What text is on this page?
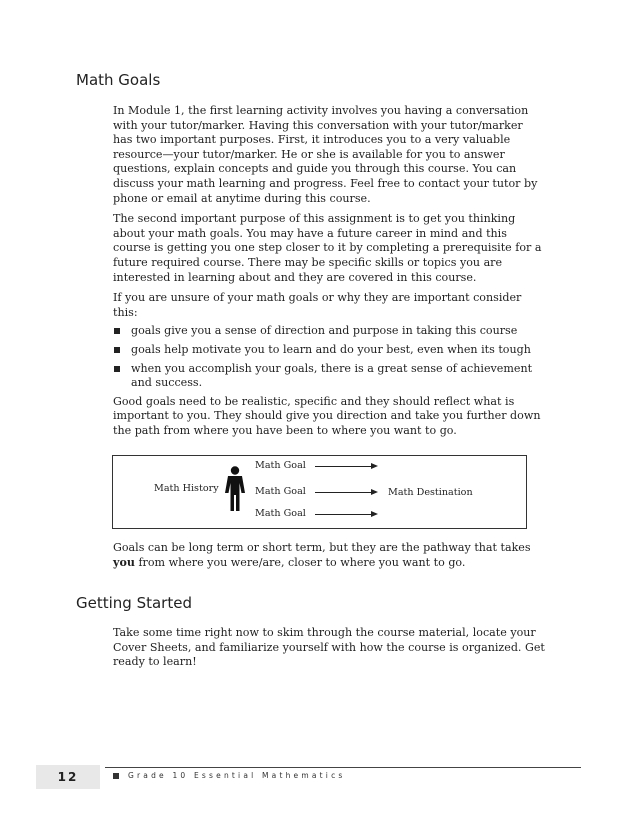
Math Goals

In Module 1, the first learning activity involves you having a conversation with your tutor/marker. Having this conversation with your tutor/marker has two important purposes. First, it introduces you to a very valuable resource—your tutor/marker. He or she is available for you to answer questions, explain concepts and guide you through this course. You can discuss your math learning and progress. Feel free to contact your tutor by phone or email at anytime during this course.

The second important purpose of this assignment is to get you thinking about your math goals. You may have a future career in mind and this course is getting you one step closer to it by completing a prerequisite for a future required course. There may be specific skills or topics you are interested in learning about and they are covered in this course.

If you are unsure of your math goals or why they are important consider this:

goals give you a sense of direction and purpose in taking this course
goals help motivate you to learn and do your best, even when its tough
when you accomplish your goals, there is a great sense of achievement and success.

Good goals need to be realistic, specific and they should reflect what is important to you. They should give you direction and take you further down the path from where you have been to where you want to go.

Math History
Math Goal
Math Goal
Math Goal
Math Destination

Goals can be long term or short term, but they are the pathway that takes you from where you were/are, closer to where you want to go.

Getting Started

Take some time right now to skim through the course material, locate your Cover Sheets, and familiarize yourself with how the course is organized. Get ready to learn!

12	Grade 10 Essential Mathematics
